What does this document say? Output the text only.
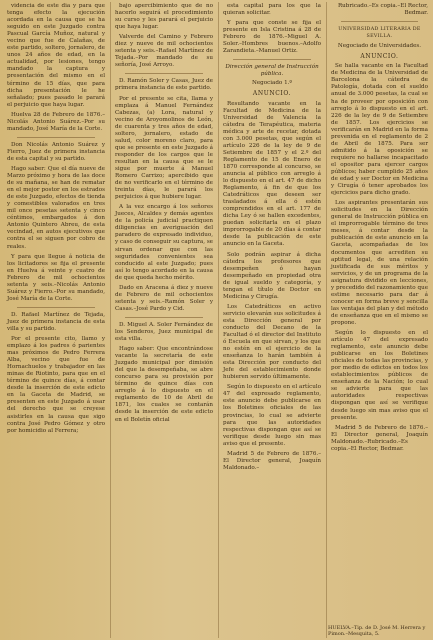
videncia de este dia y para que tenga efecto la ejecución acordada en la causa que se ha seguido en este Juzgado contra Pascual García Muñoz, natural y vecino que fue de Calañas, de este partido, soltero, jornalero, de unos 24 años de edad, en la actualidad, por lesiones, tengo mandado la captura y presentación del mismo en el término de 15 días, que para dicha presentación le he señalado; pues pasado le parará el perjuicio que haya lugar.

Huelva 28 de Febrero de 1876.–Nicolás Antonio Suárez.–Por su mandado, José María de la Corte.

Don Nicolás Antonio Suárez y Fierro, Juez de primera instancia de esta capital y su partido.

Hago saber: Que el día nueve de Marzo próximo y hora de las doce de su mañana, se han de rematar en el mejor postor en los estrados de este Juzgado, efectos de tienda y comestibles valorados en tres mil once pesetas setenta y cinco céntimos, embargados á don Antonio Quintero Abreu, de esta vecindad, en autos ejecutivos que contra el se siguen por cobro de reales.

Y para que llegue á noticia de los licitadores se fija el presente en Huelva á veinte y cuatro de Febrero de mil ochocientos setenta y seis.–Nicolás Antonio Suárez y Fierro.–Por su mandado, José María de la Corte.

D. Rafael Martínez de Tejada, Juez de primera instancia de esta villa y su partido.

Por el presente cito, llamo y emplazo á los padres ó parientes mas próximos de Pedro Ferrera Alba, vecino que fue de Hornachuelos y trabajador en las minas de Riotinto, para que en el término de quince días, á contar desde la inserción de este edicto en la Gaceta de Madrid, se presenten en este Juzgado á usar del derecho que se creyese asistirles en la causa que sigo contra José Pedro Gómez y otro por homicidio al Ferrera;

bajo apercibimiento que de no hacerlo seguirá el procedimiento su curso y les parará el perjuicio que haya lugar.

Valverde del Camino y Febrero diez y nueve de mil ochocientos setenta y seis.–Rafael Martínez de Tejada.–Por mandado de su señoría, José Arroyo.

D. Ramón Soler y Casas, Juez de primera instancia de este partido.

Por el presente se cita, llama y emplaza á Manuel Fernández Cabezas, (a) Lora, natural y vecino de Aroyomolinos de León, de cuarenta y tres años de edad, soltero, jornalero, estado de salud, color moreno claro, para que se presente en este Juzgado á responder de los cargos que le resultan en la causa que se le sigue por muerte á Manuel Romero Carrizo; apercibido que de no verificarlo en el término de treinta días, le parará los perjuicios á que hubiere lugar.

A la vez encargo á los señores Jueces, Alcaldes y demás agentes de la policía judicial practiquen diligencias en averiguación del paradero de expresado individuo, y caso de conseguir su captura, se sirvan ordenar que con las seguridades convenientes sea conducido al este Juzgado; pues así lo tengo acordado en la causa de que queda hecho mérito.

Dado en Aracena á diez y nueve de Febrero de mil ochocientos setenta y seis.–Ramón Soler y Casas.–José Pardo y Cid.

D. Miguel A. Soler Fernández de los Senderos, Juez municipal de esta villa.

Hago saber: Que encontrándose vacante la secretaría de este Juzgado municipal por dimisión del que la desempeñaba, se abre concurso para su provisión por término de quince días con arreglo á lo dispuesto en el reglamento de 10 de Abril de 1871, los cuales se contarán desde la inserción de este edicto en el Boletín oficial

esta capital para los que la quieran solicitar.

Y para que conste se fija el presente en Isla Cristina á 28 de Febrero de 1876.–Miguel A. Soler.–Hombres buenos.–Adolfo Zarandieta.–Manuel Ortiz.

Dirección general de Instrucción pública.

Negociado 1.º

ANUNCIO.

Resultando vacante en la Facultad de Medicina de la Universidad de Valencia la cátedra de Terapéutica, materia médica y arte de recetar, dotada con 3.000 pesetas, que según el artículo 226 de la ley de 9 de Setiembre de 1857 y el 2.º del Reglamento de 15 de Enero de 1870 corresponde al concurso, se anuncia al público con arreglo á lo dispuesto en el art. 47 de dicho Reglamento, á fin de que los Catedráticos que deseen ser trasladados á ella ó estén comprendidos en el art. 177 de dicha Ley ó se hallen excedentes, puedan solicitarla en el plazo improrrogable de 20 días á contar desde la publicación de este anuncio en la Gaceta.

Solo podrán aspirar á dicha cátedra los profesores que desempeñen ó hayan desempeñado en propiedad otra de igual sueldo y categoría, y tengan el título de Doctor en Medicina y Cirugía.

Los Catedráticos en activo servicio elevarán sus solicitudes á esta Dirección general por conducto del Decano de la Facultad ó el director del Instituto ó Escuela en que sirvan, y los que no estén en el ejercicio de la enseñanza lo harán también á esta Dirección por conducto del Jefe del establecimiento donde hubieren servido últimamente.

Según lo dispuesto en el artículo 47 del expresado reglamento, este anuncio debe publicarse en los Boletines oficiales de las provincias, lo cual se advierte para que las autoridades respectivas dispongan que así se verifique desde luego sin mas aviso que el presente.

Madrid 5 de Febrero de 1876.–El Director general, Joaquín Maldonado.–

Rubricado.–Es copia.–El Rector, Bedmar.

UNIVERSIDAD LITERARIA DE SEVILLA.

Negociado de Universidades.

ANUNCIO.

Se halla vacante en la Facultad de Medicina de la Universidad de Barcelona la cátedra de Patología, dotada con el sueldo anual de 3.000 pesetas, la cual se ha de proveer por oposición con arreglo á lo dispuesto en el art. 226 de la ley de 9 de Setiembre de 1857. Los ejercicios se verificarán en Madrid en la forma prevenida en el reglamento de 2 de Abril de 1875. Para ser admitido á la oposición se requiere no hallarse incapacitado el opositor para ejercer cargos públicos; haber cumplido 25 años de edad y ser Doctor en Medicina y Cirugía ó tener aprobados los ejercicios para dicho grado.

Los aspirantes presentarán sus solicitudes en la Dirección general de Instrucción pública en el improrrogable término de tres meses, á contar desde la publicación de este anuncio en la Gaceta, acompañadas de los documentos que acrediten su aptitud legal, de una relación justificada de sus méritos y servicios, y de un programa de la asignatura dividido en lecciones, y precedido del razonamiento que estime necesario para dar á conocer en forma breve y sencilla las ventajas del plan y del método de enseñanza que en el mismo se propone.

Según lo dispuesto en el artículo 47 del expresado reglamento, este anuncio debe publicarse en los Boletines oficiales de todas las provincias, y por medio de edictos en todos los establecimientos públicos de enseñanza de la Nación; lo cual se advierte para que las autoridades respectivas dispongan que así se verifique desde luego sin mas aviso que el presente.

Madrid 5 de Febrero de 1876.–El Director general, Joaquín Maldonado.–Rubricado.–Es copia.–El Rector, Bedmar.

HUELVA.–Tip. de D. José M. Herrera y Pimon.–Mesquita, 5.
